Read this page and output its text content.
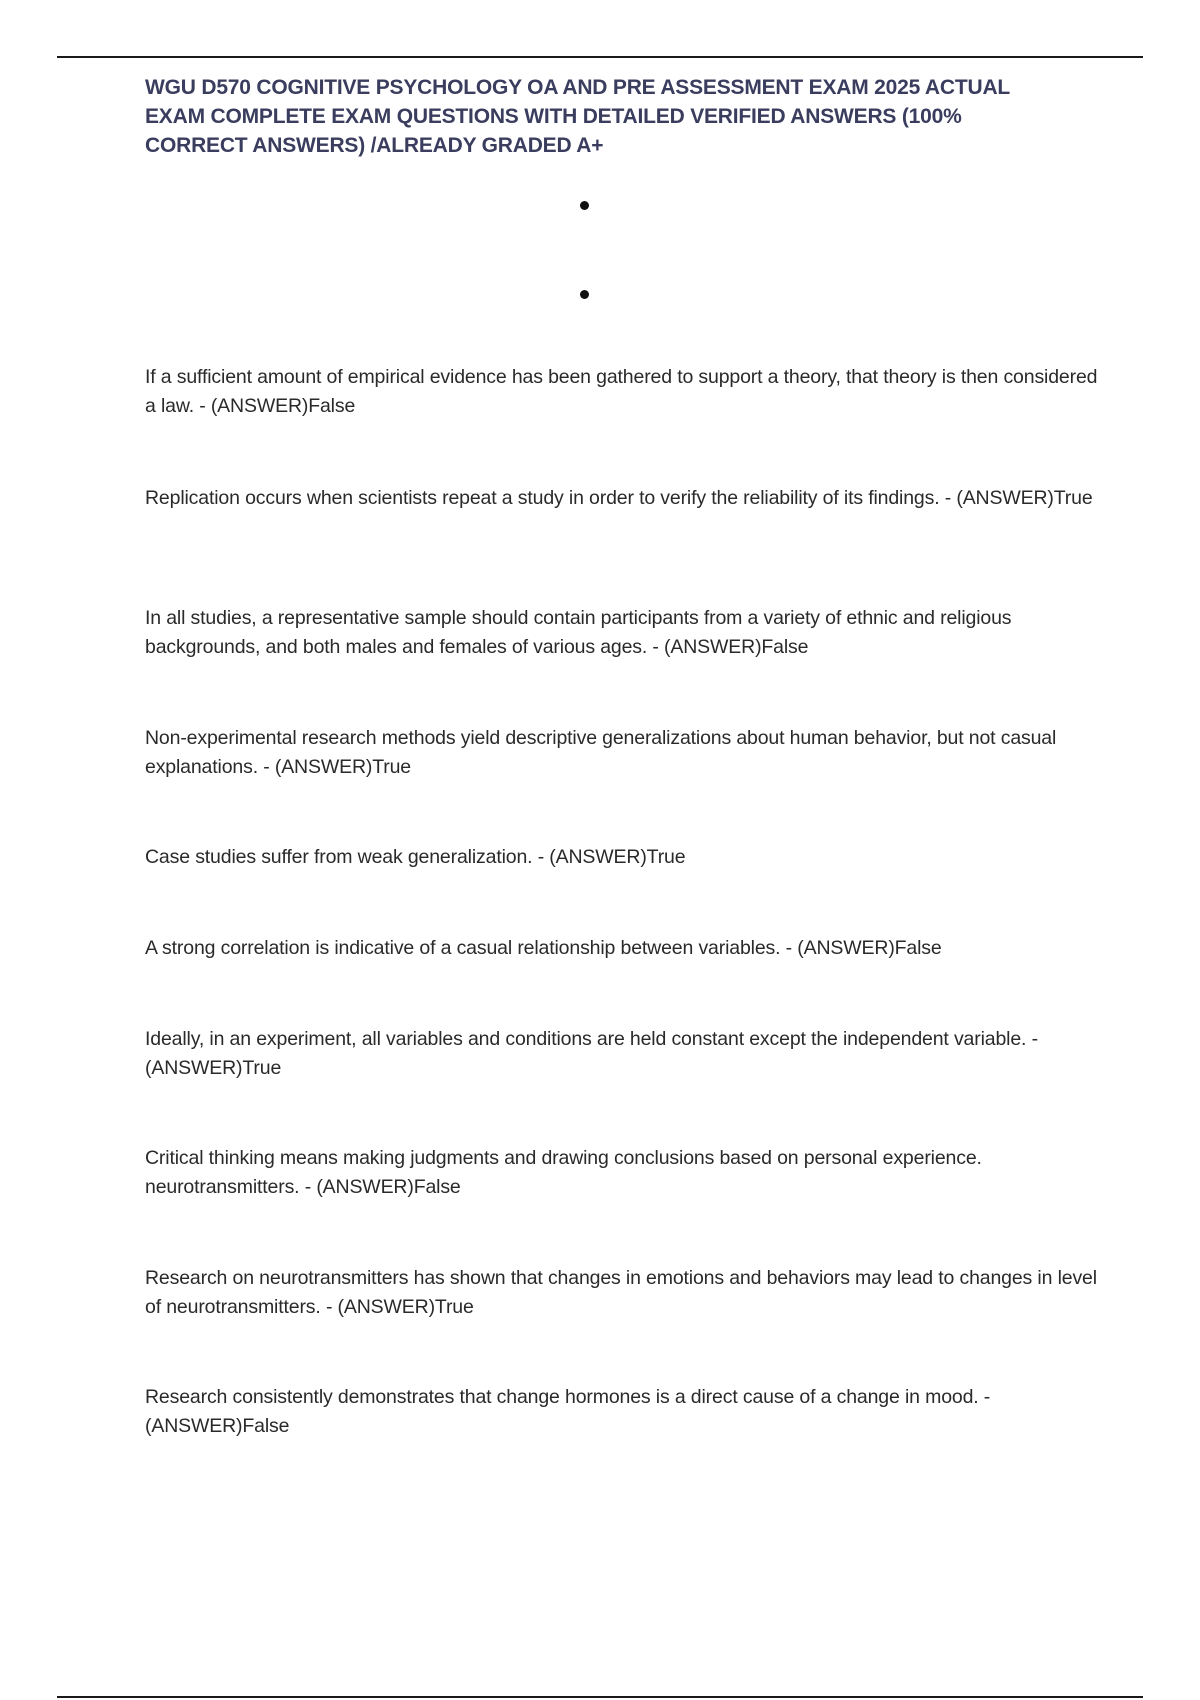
WGU D570 COGNITIVE PSYCHOLOGY OA AND PRE ASSESSMENT EXAM 2025 ACTUAL EXAM COMPLETE EXAM QUESTIONS WITH DETAILED VERIFIED ANSWERS (100% CORRECT ANSWERS) /ALREADY GRADED A+
If a sufficient amount of empirical evidence has been gathered to support a theory, that theory is then considered a law. - (ANSWER)False
Replication occurs when scientists repeat a study in order to verify the reliability of its findings. - (ANSWER)True
In all studies, a representative sample should contain participants from a variety of ethnic and religious backgrounds, and both males and females of various ages. - (ANSWER)False
Non-experimental research methods yield descriptive generalizations about human behavior, but not casual explanations. - (ANSWER)True
Case studies suffer from weak generalization. - (ANSWER)True
A strong correlation is indicative of a casual relationship between variables. - (ANSWER)False
Ideally, in an experiment, all variables and conditions are held constant except the independent variable. - (ANSWER)True
Critical thinking means making judgments and drawing conclusions based on personal experience. neurotransmitters. - (ANSWER)False
Research on neurotransmitters has shown that changes in emotions and behaviors may lead to changes in level of neurotransmitters. - (ANSWER)True
Research consistently demonstrates that change hormones is a direct cause of a change in mood. - (ANSWER)False
